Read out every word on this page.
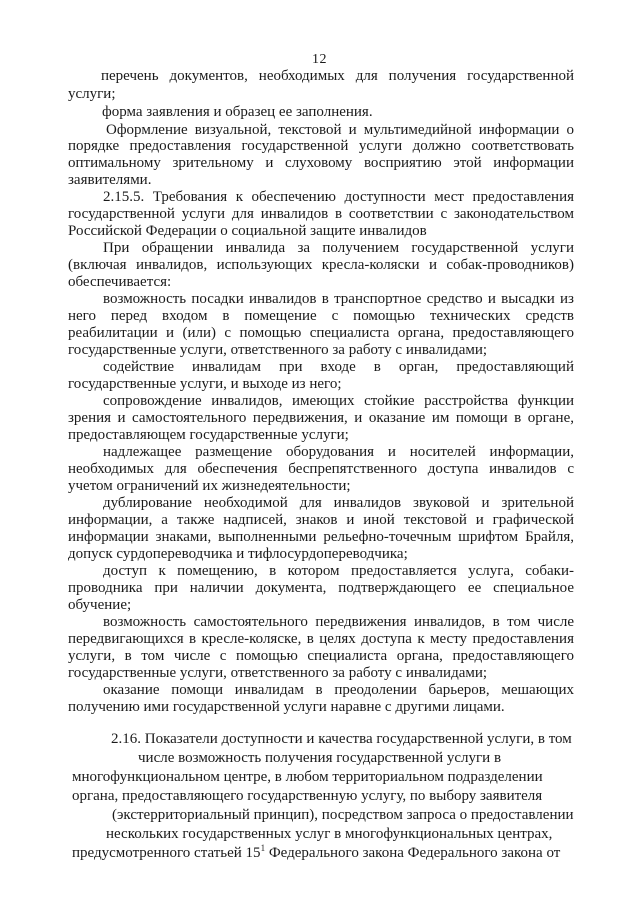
12
перечень документов, необходимых для получения государственной
услуги;
форма заявления и образец ее заполнения.
Оформление визуальной, текстовой и мультимедийной информации о
порядке предоставления государственной услуги должно соответствовать
оптимальному зрительному и слуховому восприятию этой информации
заявителями.
2.15.5. Требования к обеспечению доступности мест предоставления
государственной услуги для инвалидов в соответствии с законодательством
Российской Федерации о социальной защите инвалидов
При обращении инвалида за получением государственной услуги
(включая инвалидов, использующих кресла-коляски и собак-проводников)
обеспечивается:
возможность посадки инвалидов в транспортное средство и высадки из
него перед входом в помещение с помощью технических средств
реабилитации и (или) с помощью специалиста органа, предоставляющего
государственные услуги, ответственного за работу с инвалидами;
содействие инвалидам при входе в орган, предоставляющий
государственные услуги, и выходе из него;
сопровождение инвалидов, имеющих стойкие расстройства функции
зрения и самостоятельного передвижения, и оказание им помощи в органе,
предоставляющем государственные услуги;
надлежащее размещение оборудования и носителей информации,
необходимых для обеспечения беспрепятственного доступа инвалидов с
учетом ограничений их жизнедеятельности;
дублирование необходимой для инвалидов звуковой и зрительной
информации, а также надписей, знаков и иной текстовой и графической
информации знаками, выполненными рельефно-точечным шрифтом Брайля,
допуск сурдопереводчика и тифлосурдопереводчика;
доступ к помещению, в котором предоставляется услуга, собаки-
проводника при наличии документа, подтверждающего ее специальное
обучение;
возможность самостоятельного передвижения инвалидов, в том числе
передвигающихся в кресле-коляске, в целях доступа к месту предоставления
услуги, в том числе с помощью специалиста органа, предоставляющего
государственные услуги, ответственного за работу с инвалидами;
оказание помощи инвалидам в преодолении барьеров, мешающих
получению ими государственной услуги наравне с другими лицами.
2.16. Показатели доступности и качества государственной услуги, в том
числе возможность получения государственной услуги в
многофункциональном центре, в любом территориальном подразделении
органа, предоставляющего государственную услугу, по выбору заявителя
(экстерриториальный принцип), посредством запроса о предоставлении
нескольких государственных услуг в многофункциональных центрах,
предусмотренного статьей $15^1$ Федерального закона Федерального закона от
